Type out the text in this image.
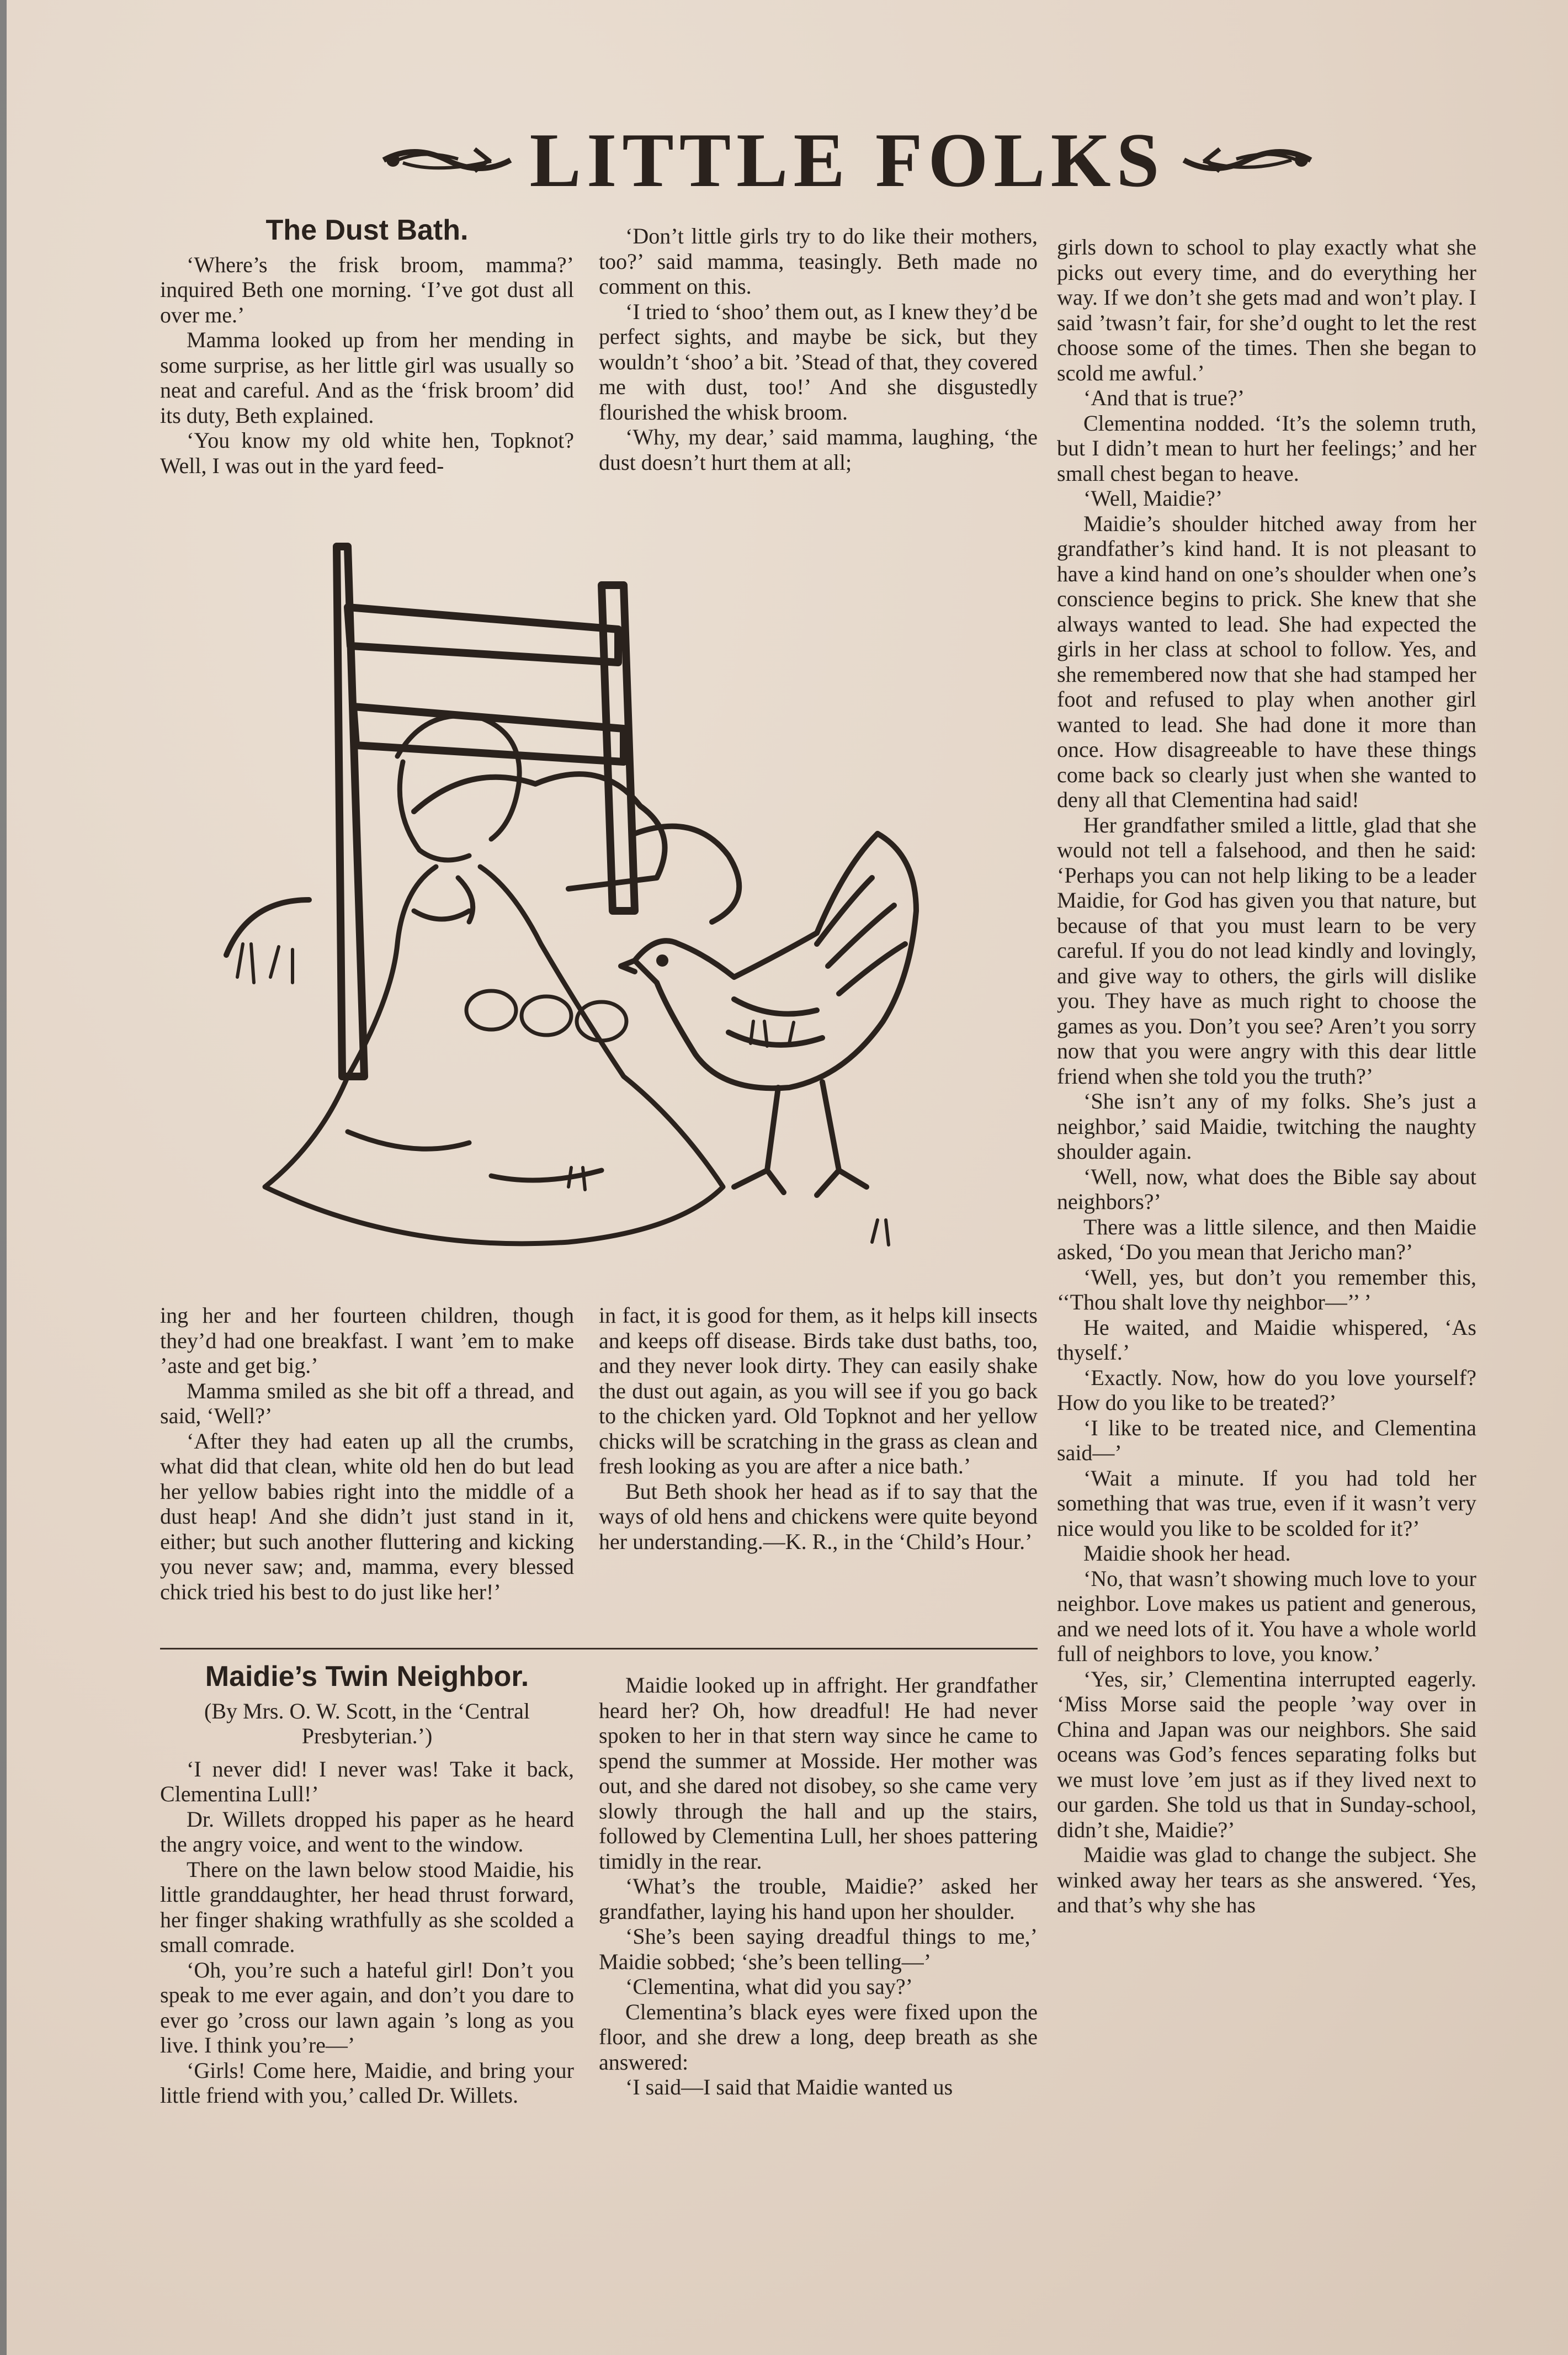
LITTLE FOLKS
The Dust Bath.

‘Where’s the frisk broom, mamma?’ inquired Beth one morning. ‘I’ve got dust all over me.’

Mamma looked up from her mending in some surprise, as her little girl was usually so neat and careful. And as the ‘frisk broom’ did its duty, Beth explained.

‘You know my old white hen, Topknot? Well, I was out in the yard feed-

‘Don’t little girls try to do like their mothers, too?’ said mamma, teasingly. Beth made no comment on this.

‘I tried to ‘shoo’ them out, as I knew they’d be perfect sights, and maybe be sick, but they wouldn’t ‘shoo’ a bit. ’Stead of that, they covered me with dust, too!’ And she disgustedly flourished the whisk broom.

‘Why, my dear,’ said mamma, laughing, ‘the dust doesn’t hurt them at all;

ing her and her fourteen children, though they’d had one breakfast. I want ’em to make ’aste and get big.’

Mamma smiled as she bit off a thread, and said, ‘Well?’

‘After they had eaten up all the crumbs, what did that clean, white old hen do but lead her yellow babies right into the middle of a dust heap! And she didn’t just stand in it, either; but such another fluttering and kicking you never saw; and, mamma, every blessed chick tried his best to do just like her!’

in fact, it is good for them, as it helps kill insects and keeps off disease. Birds take dust baths, too, and they never look dirty. They can easily shake the dust out again, as you will see if you go back to the chicken yard. Old Topknot and her yellow chicks will be scratching in the grass as clean and fresh looking as you are after a nice bath.’

But Beth shook her head as if to say that the ways of old hens and chickens were quite beyond her understanding.—K. R., in the ‘Child’s Hour.’

Maidie’s Twin Neighbor.

(By Mrs. O. W. Scott, in the ‘Central Presbyterian.’)

‘I never did! I never was! Take it back, Clementina Lull!’

Dr. Willets dropped his paper as he heard the angry voice, and went to the window.

There on the lawn below stood Maidie, his little granddaughter, her head thrust forward, her finger shaking wrathfully as she scolded a small comrade.

‘Oh, you’re such a hateful girl! Don’t you speak to me ever again, and don’t you dare to ever go ’cross our lawn again ’s long as you live. I think you’re—’

‘Girls! Come here, Maidie, and bring your little friend with you,’ called Dr. Willets.

Maidie looked up in affright. Her grandfather heard her? Oh, how dreadful! He had never spoken to her in that stern way since he came to spend the summer at Mosside. Her mother was out, and she dared not disobey, so she came very slowly through the hall and up the stairs, followed by Clementina Lull, her shoes pattering timidly in the rear.

‘What’s the trouble, Maidie?’ asked her grandfather, laying his hand upon her shoulder.

‘She’s been saying dreadful things to me,’ Maidie sobbed; ‘she’s been telling—’

‘Clementina, what did you say?’

Clementina’s black eyes were fixed upon the floor, and she drew a long, deep breath as she answered:

‘I said—I said that Maidie wanted us

girls down to school to play exactly what she picks out every time, and do everything her way. If we don’t she gets mad and won’t play. I said ’twasn’t fair, for she’d ought to let the rest choose some of the times. Then she began to scold me awful.’

‘And that is true?’

Clementina nodded. ‘It’s the solemn truth, but I didn’t mean to hurt her feelings;’ and her small chest began to heave.

‘Well, Maidie?’

Maidie’s shoulder hitched away from her grandfather’s kind hand. It is not pleasant to have a kind hand on one’s shoulder when one’s conscience begins to prick. She knew that she always wanted to lead. She had expected the girls in her class at school to follow. Yes, and she remembered now that she had stamped her foot and refused to play when another girl wanted to lead. She had done it more than once. How disagreeable to have these things come back so clearly just when she wanted to deny all that Clementina had said!

Her grandfather smiled a little, glad that she would not tell a falsehood, and then he said: ‘Perhaps you can not help liking to be a leader Maidie, for God has given you that nature, but because of that you must learn to be very careful. If you do not lead kindly and lovingly, and give way to others, the girls will dislike you. They have as much right to choose the games as you. Don’t you see? Aren’t you sorry now that you were angry with this dear little friend when she told you the truth?’

‘She isn’t any of my folks. She’s just a neighbor,’ said Maidie, twitching the naughty shoulder again.

‘Well, now, what does the Bible say about neighbors?’

There was a little silence, and then Maidie asked, ‘Do you mean that Jericho man?’

‘Well, yes, but don’t you remember this, ‘‘Thou shalt love thy neighbor—’’ ’

He waited, and Maidie whispered, ‘As thyself.’

‘Exactly. Now, how do you love yourself? How do you like to be treated?’

‘I like to be treated nice, and Clementina said—’

‘Wait a minute. If you had told her something that was true, even if it wasn’t very nice would you like to be scolded for it?’

Maidie shook her head.

‘No, that wasn’t showing much love to your neighbor. Love makes us patient and generous, and we need lots of it. You have a whole world full of neighbors to love, you know.’

‘Yes, sir,’ Clementina interrupted eagerly. ‘Miss Morse said the people ’way over in China and Japan was our neighbors. She said oceans was God’s fences separating folks but we must love ’em just as if they lived next to our garden. She told us that in Sunday-school, didn’t she, Maidie?’

Maidie was glad to change the subject. She winked away her tears as she answered. ‘Yes, and that’s why she has
